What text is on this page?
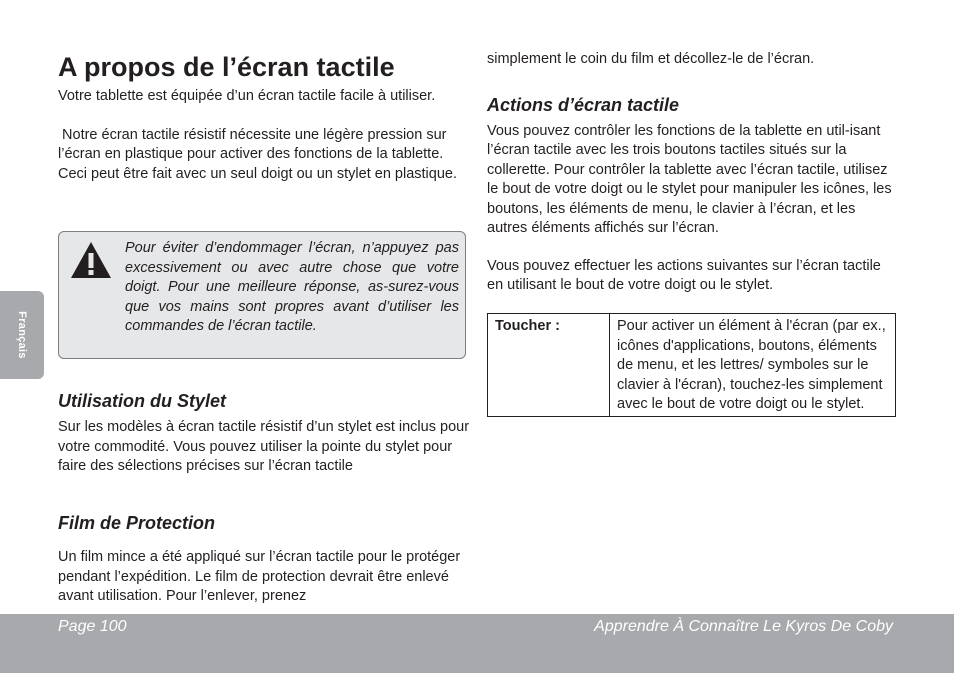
Français
A propos de l’écran tactile

Votre tablette est équipée d’un écran tactile facile à utiliser.

Notre écran tactile résistif nécessite une légère pression sur l’écran en plastique pour activer des fonctions de la tablette. Ceci peut être fait avec un seul doigt ou un stylet en plastique.

Pour éviter d’endommager l’écran, n’appuyez pas excessivement ou avec autre chose que votre doigt. Pour une meilleure réponse, as-surez-vous que vos mains sont propres avant d’utiliser les commandes de l’écran tactile.
Utilisation du Stylet

Sur les modèles à écran tactile résistif d’un stylet est inclus pour votre commodité. Vous pouvez utiliser la pointe du stylet pour faire des sélections précises sur l’écran tactile

Film de Protection

Un film mince a été appliqué sur l’écran tactile pour le protéger pendant l’expédition. Le film de protection devrait être enlevé avant utilisation. Pour l’enlever, prenez

simplement le coin du film et décollez-le de l’écran.

Actions d’écran tactile

Vous pouvez contrôler les fonctions de la tablette en util-isant l’écran tactile avec les trois boutons tactiles situés sur la collerette. Pour contrôler la tablette avec l’écran tactile, utilisez le bout de votre doigt ou le stylet pour manipuler les icônes, les boutons, les éléments de menu, le clavier à l’écran, et les autres éléments affichés sur l’écran.

Vous pouvez effectuer les actions suivantes sur l’écran tactile en utilisant le bout de votre doigt ou le stylet.

Toucher :	Pour activer un élément à l'écran (par ex., icônes d'applications, boutons, éléments de menu, et les lettres/ symboles sur le clavier à l'écran), touchez-les simplement avec le bout de votre doigt ou le stylet.
Page 100	Apprendre À Connaître Le Kyros De Coby
